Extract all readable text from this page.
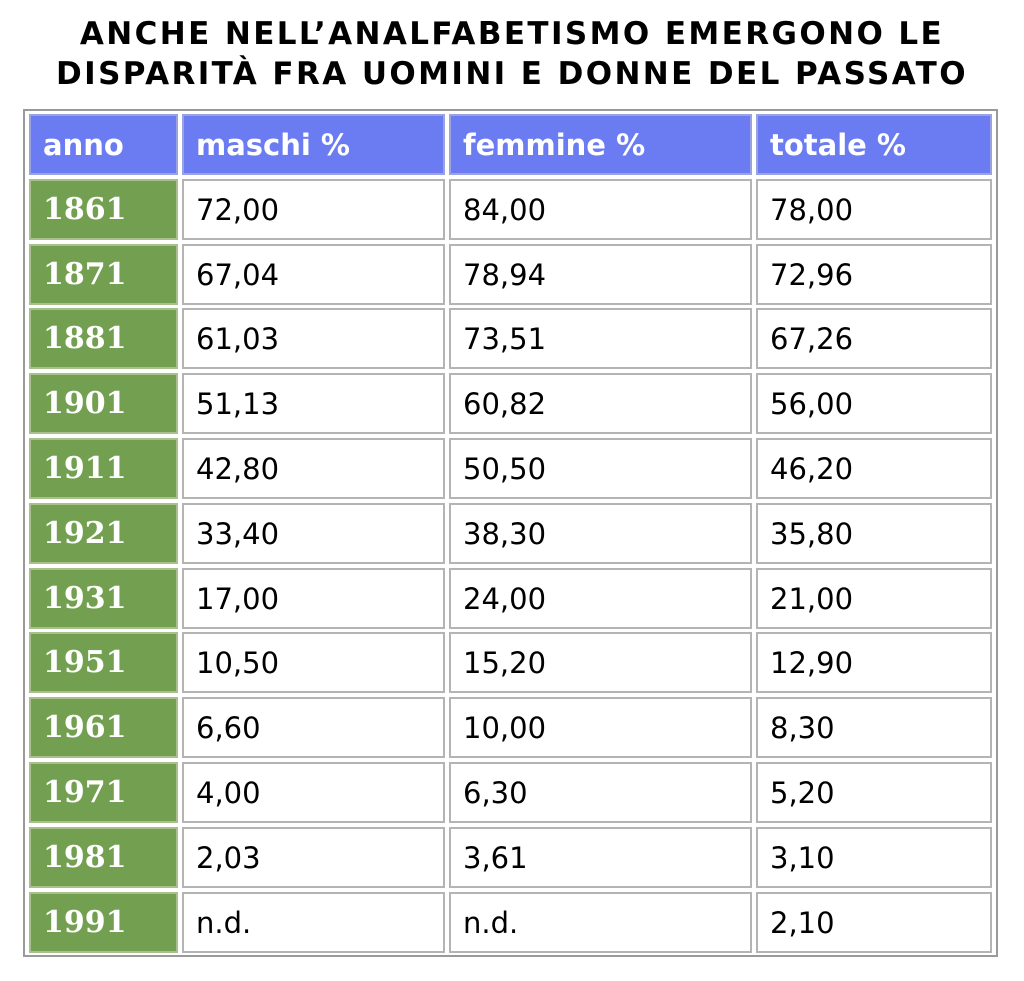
ANCHE NELL’ANALFABETISMO EMERGONO LE
DISPARITÀ FRA UOMINI E DONNE DEL PASSATO
anno	maschi %	femmine %	totale %
1861	72,00	84,00	78,00
1871	67,04	78,94	72,96
1881	61,03	73,51	67,26
1901	51,13	60,82	56,00
1911	42,80	50,50	46,20
1921	33,40	38,30	35,80
1931	17,00	24,00	21,00
1951	10,50	15,20	12,90
1961	6,60	10,00	8,30
1971	4,00	6,30	5,20
1981	2,03	3,61	3,10
1991	n.d.	n.d.	2,10
